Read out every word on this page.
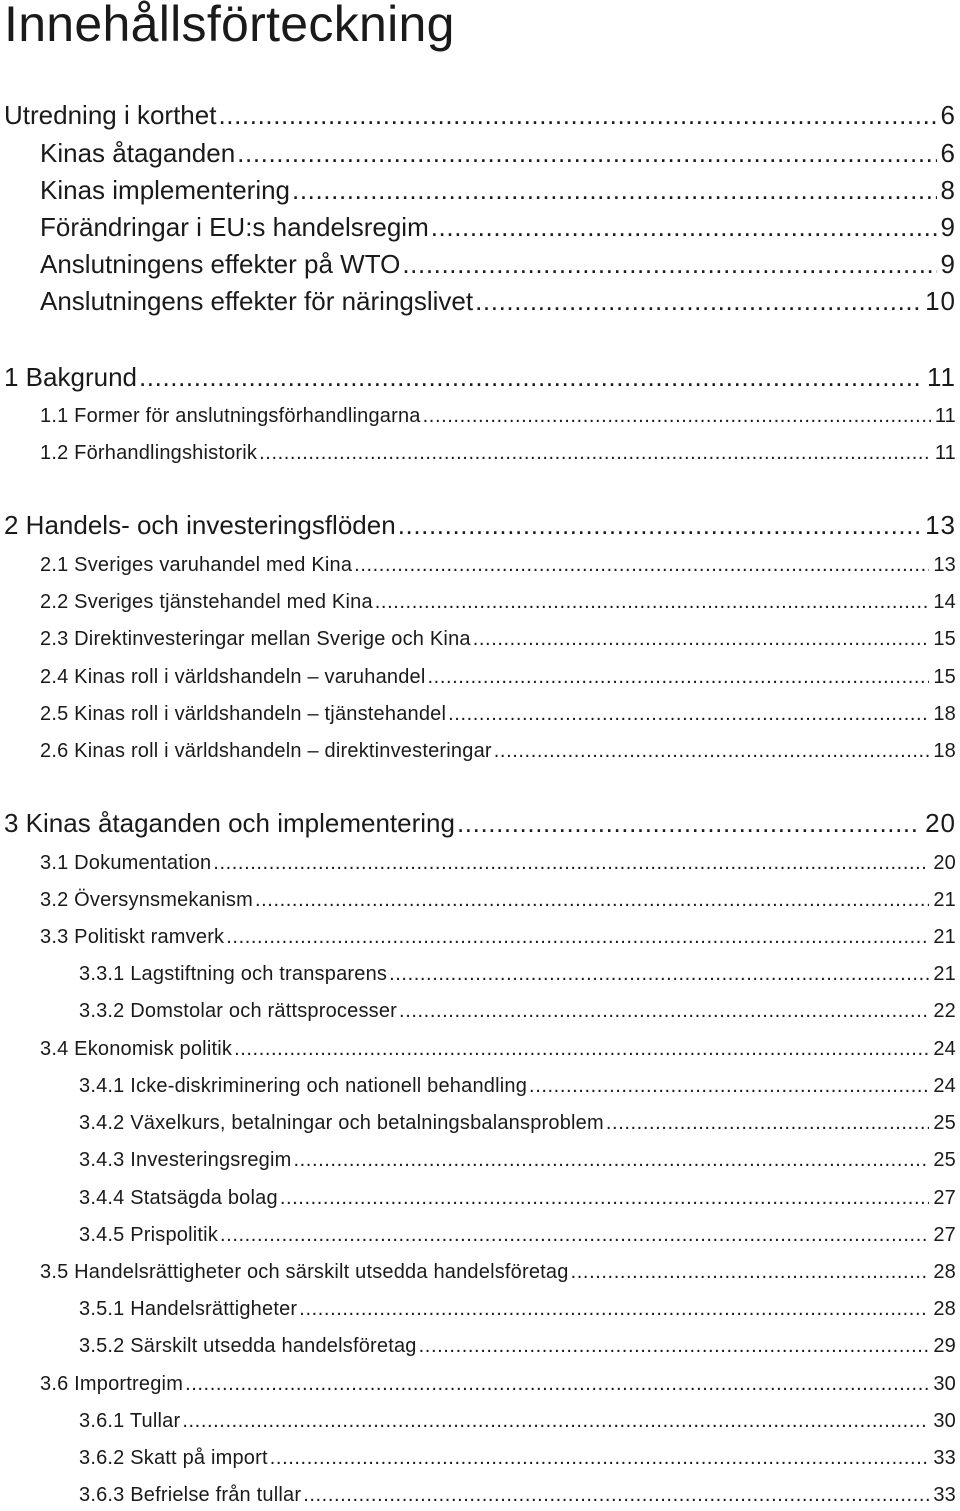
Innehållsförteckning
Utredning i korthet .....	6
Kinas åtaganden .....	6
Kinas implementering .....	8
Förändringar i EU:s handelsregim .....	9
Anslutningens effekter på WTO .....	9
Anslutningens effekter för näringslivet .....	10
1 Bakgrund .....	11
1.1 Former för anslutningsförhandlingarna .....	11
1.2 Förhandlingshistorik .....	11
2 Handels- och investeringsflöden .....	13
2.1 Sveriges varuhandel med Kina .....	13
2.2 Sveriges tjänstehandel med Kina .....	14
2.3 Direktinvesteringar mellan Sverige och Kina .....	15
2.4 Kinas roll i världshandeln – varuhandel .....	15
2.5 Kinas roll i världshandeln – tjänstehandel .....	18
2.6 Kinas roll i världshandeln – direktinvesteringar .....	18
3 Kinas åtaganden och implementering .....	20
3.1 Dokumentation .....	20
3.2 Översynsmekanism .....	21
3.3 Politiskt ramverk .....	21
3.3.1 Lagstiftning och transparens .....	21
3.3.2 Domstolar och rättsprocesser .....	22
3.4 Ekonomisk politik .....	24
3.4.1 Icke-diskriminering och nationell behandling .....	24
3.4.2 Växelkurs, betalningar och betalningsbalansproblem .....	25
3.4.3 Investeringsregim .....	25
3.4.4 Statsägda bolag .....	27
3.4.5 Prispolitik .....	27
3.5 Handelsrättigheter och särskilt utsedda handelsföretag .....	28
3.5.1 Handelsrättigheter .....	28
3.5.2 Särskilt utsedda handelsföretag .....	29
3.6 Importregim .....	30
3.6.1 Tullar .....	30
3.6.2 Skatt på import .....	33
3.6.3 Befrielse från tullar .....	33
